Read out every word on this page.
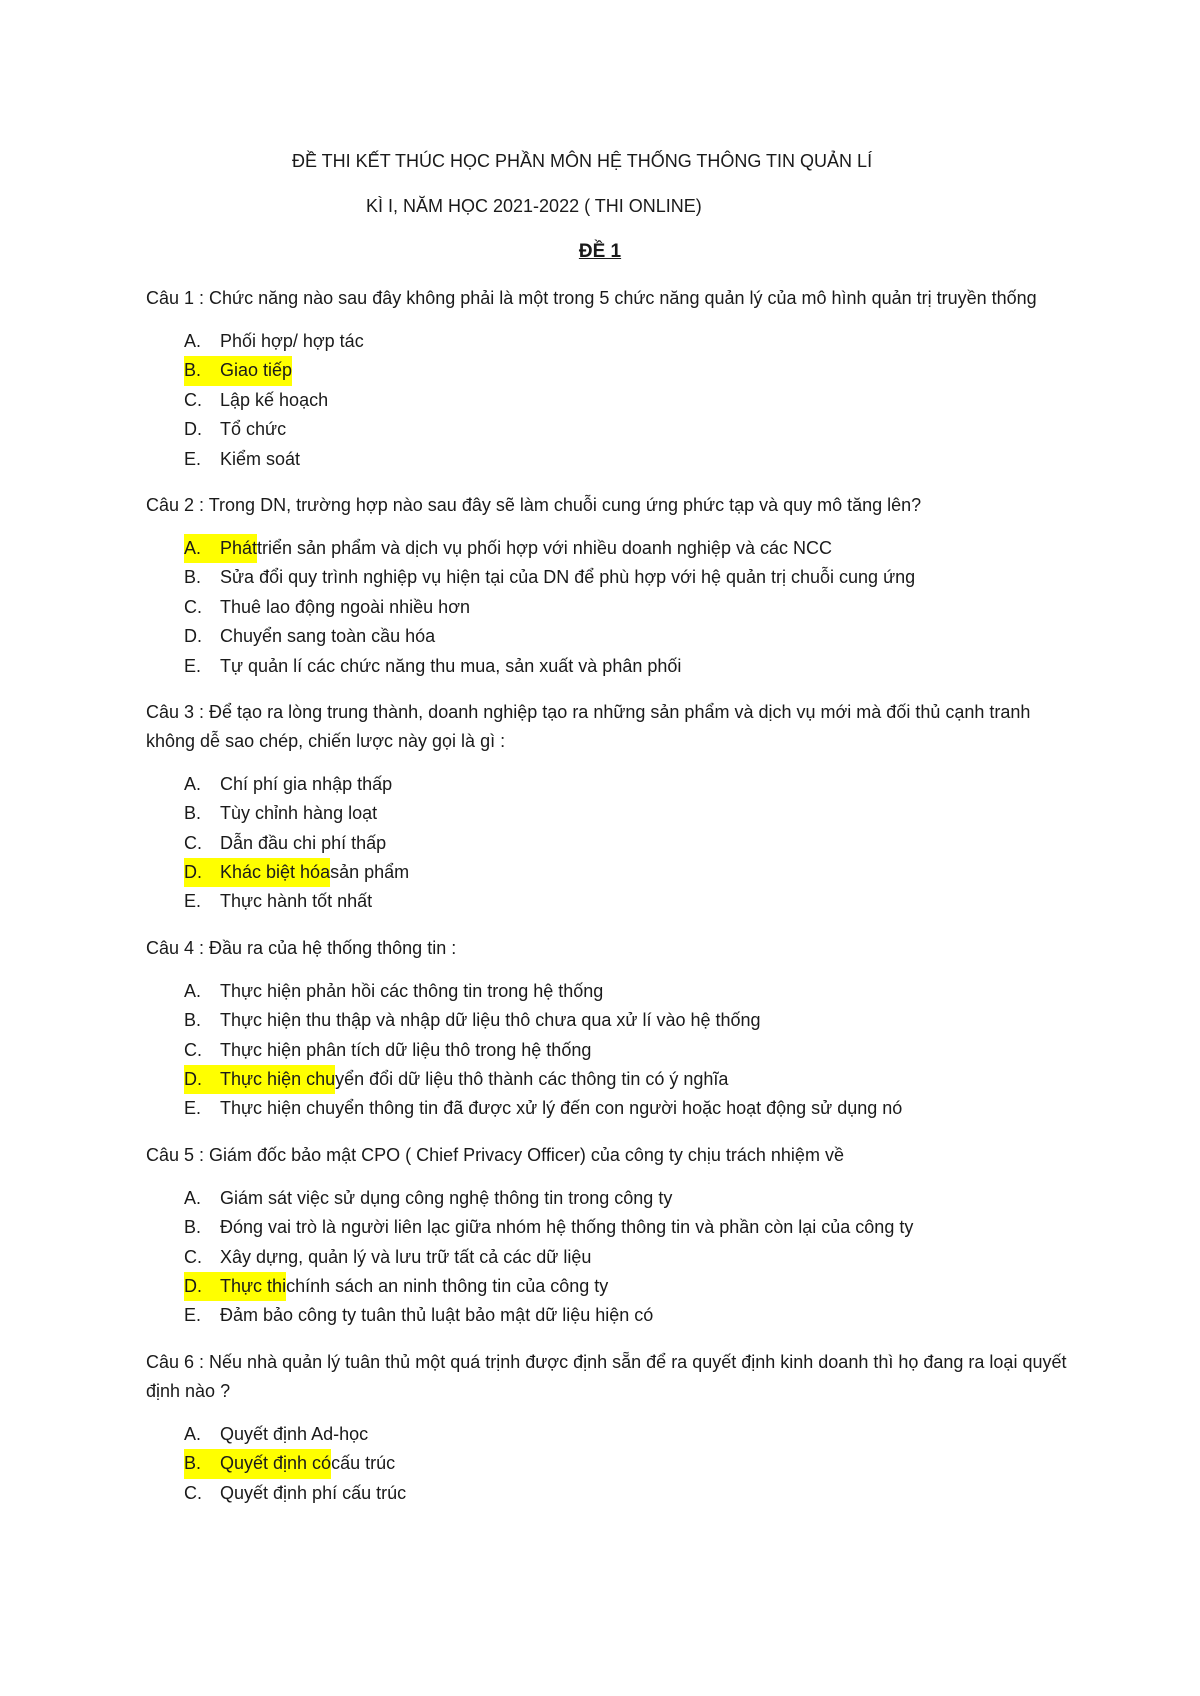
ĐỀ THI KẾT THÚC HỌC PHẦN MÔN HỆ THỐNG THÔNG TIN QUẢN LÍ
KÌ I, NĂM HỌC 2021-2022 ( THI ONLINE)
ĐỀ 1
Câu 1 : Chức năng nào sau đây không phải là một trong 5 chức năng quản lý của mô hình quản trị truyền thống
A.	Phối hợp/ hợp tác
B. Giao tiếp
C.	Lập kế hoạch
D.	Tổ chức
E.	Kiểm soát
Câu 2 : Trong DN, trường hợp nào sau đây sẽ làm chuỗi cung ứng phức tạp và quy mô tăng lên?
A. Phát triển sản phẩm và dịch vụ phối hợp với nhiều doanh nghiệp và các NCC
B.	Sửa đổi quy trình nghiệp vụ hiện tại của DN để phù hợp với hệ quản trị chuỗi cung ứng
C.	Thuê lao động ngoài nhiều hơn
D.	Chuyển sang toàn cầu hóa
E.	Tự quản lí các chức năng thu mua, sản xuất và phân phối
Câu 3 : Để tạo ra lòng trung thành, doanh nghiệp tạo ra những sản phẩm và dịch vụ mới mà đối thủ cạnh tranh không dễ sao chép, chiến lược này gọi là gì :
A.	Chí phí gia nhập thấp
B.	Tùy chỉnh hàng loạt
C.	Dẫn đầu chi phí thấp
D. Khác biệt hóa sản phẩm
E.	Thực hành tốt nhất
Câu 4 : Đầu ra của hệ thống thông tin :
A.	Thực hiện phản hồi các thông tin trong hệ thống
B.	Thực hiện thu thập và nhập dữ liệu thô chưa qua xử lí vào hệ thống
C.	Thực hiện phân tích dữ liệu thô trong hệ thống
D. Thực hiện chu yển đổi dữ liệu thô thành các thông tin có ý nghĩa
E.	Thực hiện chuyển thông tin đã được xử lý đến con người hoặc hoạt động sử dụng nó
Câu 5 : Giám đốc bảo mật CPO ( Chief Privacy Officer) của công ty chịu trách nhiệm về
A.	Giám sát việc sử dụng công nghệ thông tin trong công ty
B.	Đóng vai trò là người liên lạc giữa nhóm hệ thống thông tin và phần còn lại của công ty
C.	Xây dựng, quản lý và lưu trữ tất cả các dữ liệu
D. Thực thi chính sách an ninh thông tin của công ty
E.	Đảm bảo công ty tuân thủ luật bảo mật dữ liệu hiện có
Câu 6 : Nếu nhà quản lý tuân thủ một quá trịnh được định sẵn để ra quyết định kinh doanh thì họ đang ra loại quyết định nào ?
A.	Quyết định Ad-học
B. Quyết định có cấu trúc
C.	Quyết định phí cấu trúc
